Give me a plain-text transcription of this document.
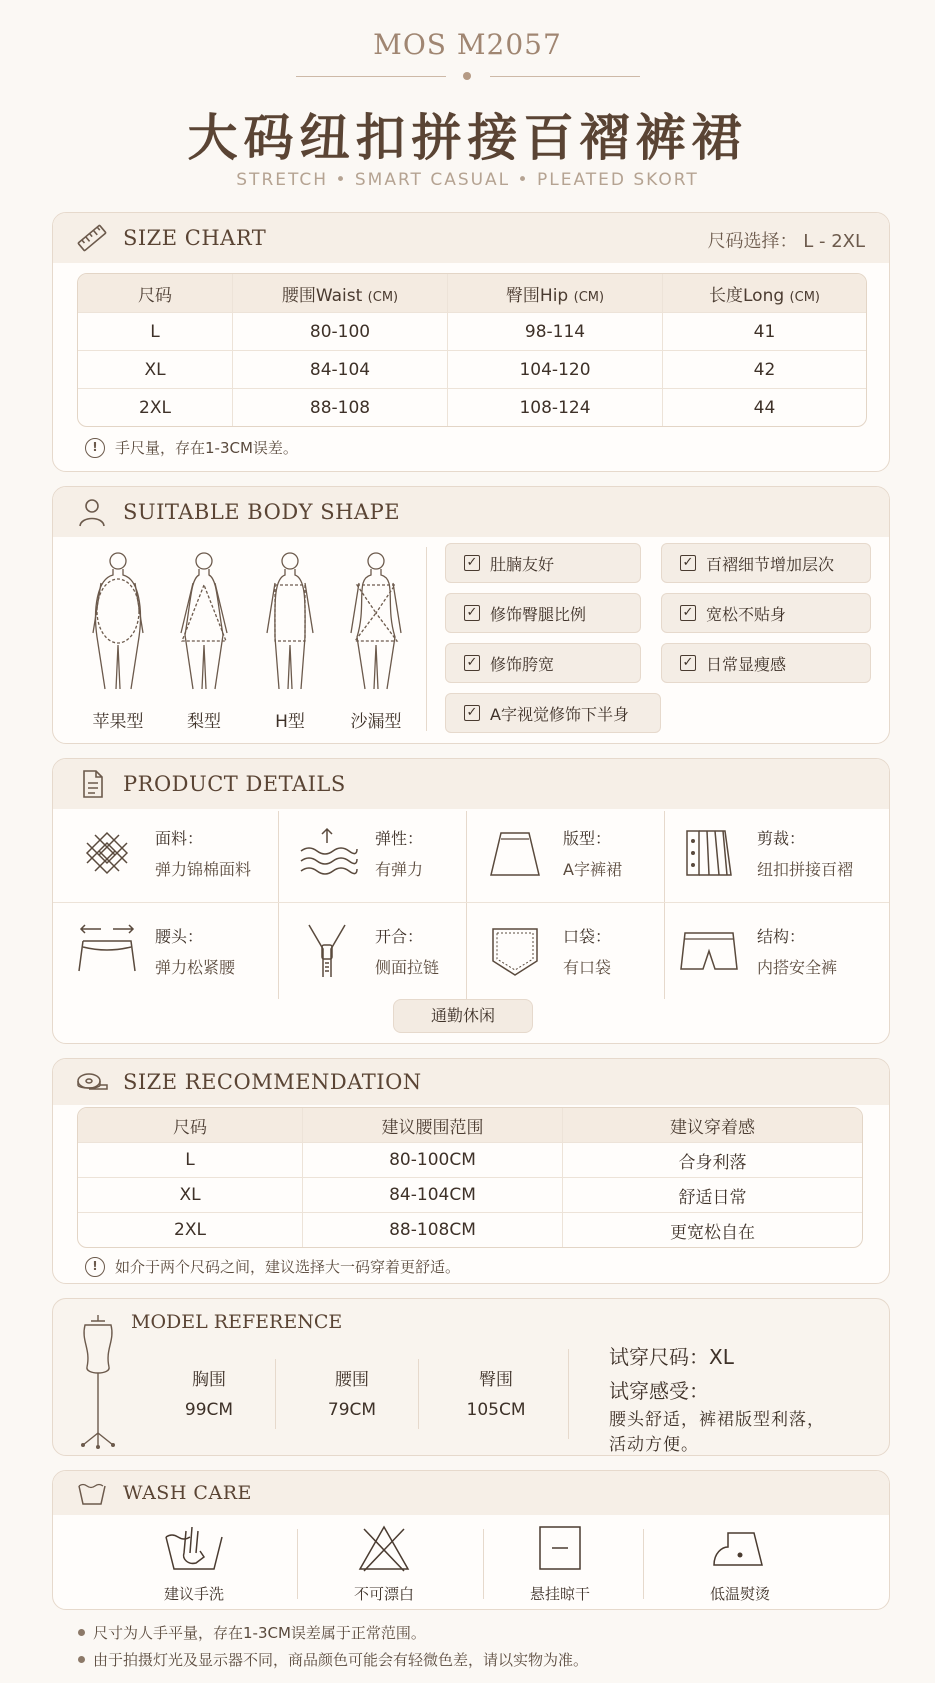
MOS M2057
大码纽扣拼接百褶裤裙
STRETCH • SMART CASUAL • PLEATED SKORT
SIZE CHART	尺码选择： L - 2XL
尺码	腰围Waist (CM)	臀围Hip (CM)	长度Long (CM)
L	80-100	98-114	41
XL	84-104	104-120	42
2XL	88-108	108-124	44
!	手尺量，存在1-3CM误差。
SUITABLE BODY SHAPE
苹果型	梨型	H型	沙漏型
✓ 肚腩友好	✓ 百褶细节增加层次
✓ 修饰臀腿比例	✓ 宽松不贴身
✓ 修饰胯宽	✓ 日常显瘦感
✓ A字视觉修饰下半身
PRODUCT DETAILS
面料：
弹力锦棉面料
弹性：
有弹力
版型：
A字裤裙
剪裁：
纽扣拼接百褶
腰头：
弹力松紧腰
开合：
侧面拉链
口袋：
有口袋
结构：
内搭安全裤
通勤休闲
SIZE RECOMMENDATION
尺码	建议腰围范围	建议穿着感
L	80-100CM	合身利落
XL	84-104CM	舒适日常
2XL	88-108CM	更宽松自在
!	如介于两个尺码之间，建议选择大一码穿着更舒适。
MODEL REFERENCE
胸围
99CM
腰围
79CM
臀围
105CM
试穿尺码：XL
试穿感受：
腰头舒适，裤裙版型利落，
活动方便。
WASH CARE
建议手洗	不可漂白	悬挂晾干	低温熨烫
尺寸为人手平量，存在1-3CM误差属于正常范围。
由于拍摄灯光及显示器不同，商品颜色可能会有轻微色差，请以实物为准。
